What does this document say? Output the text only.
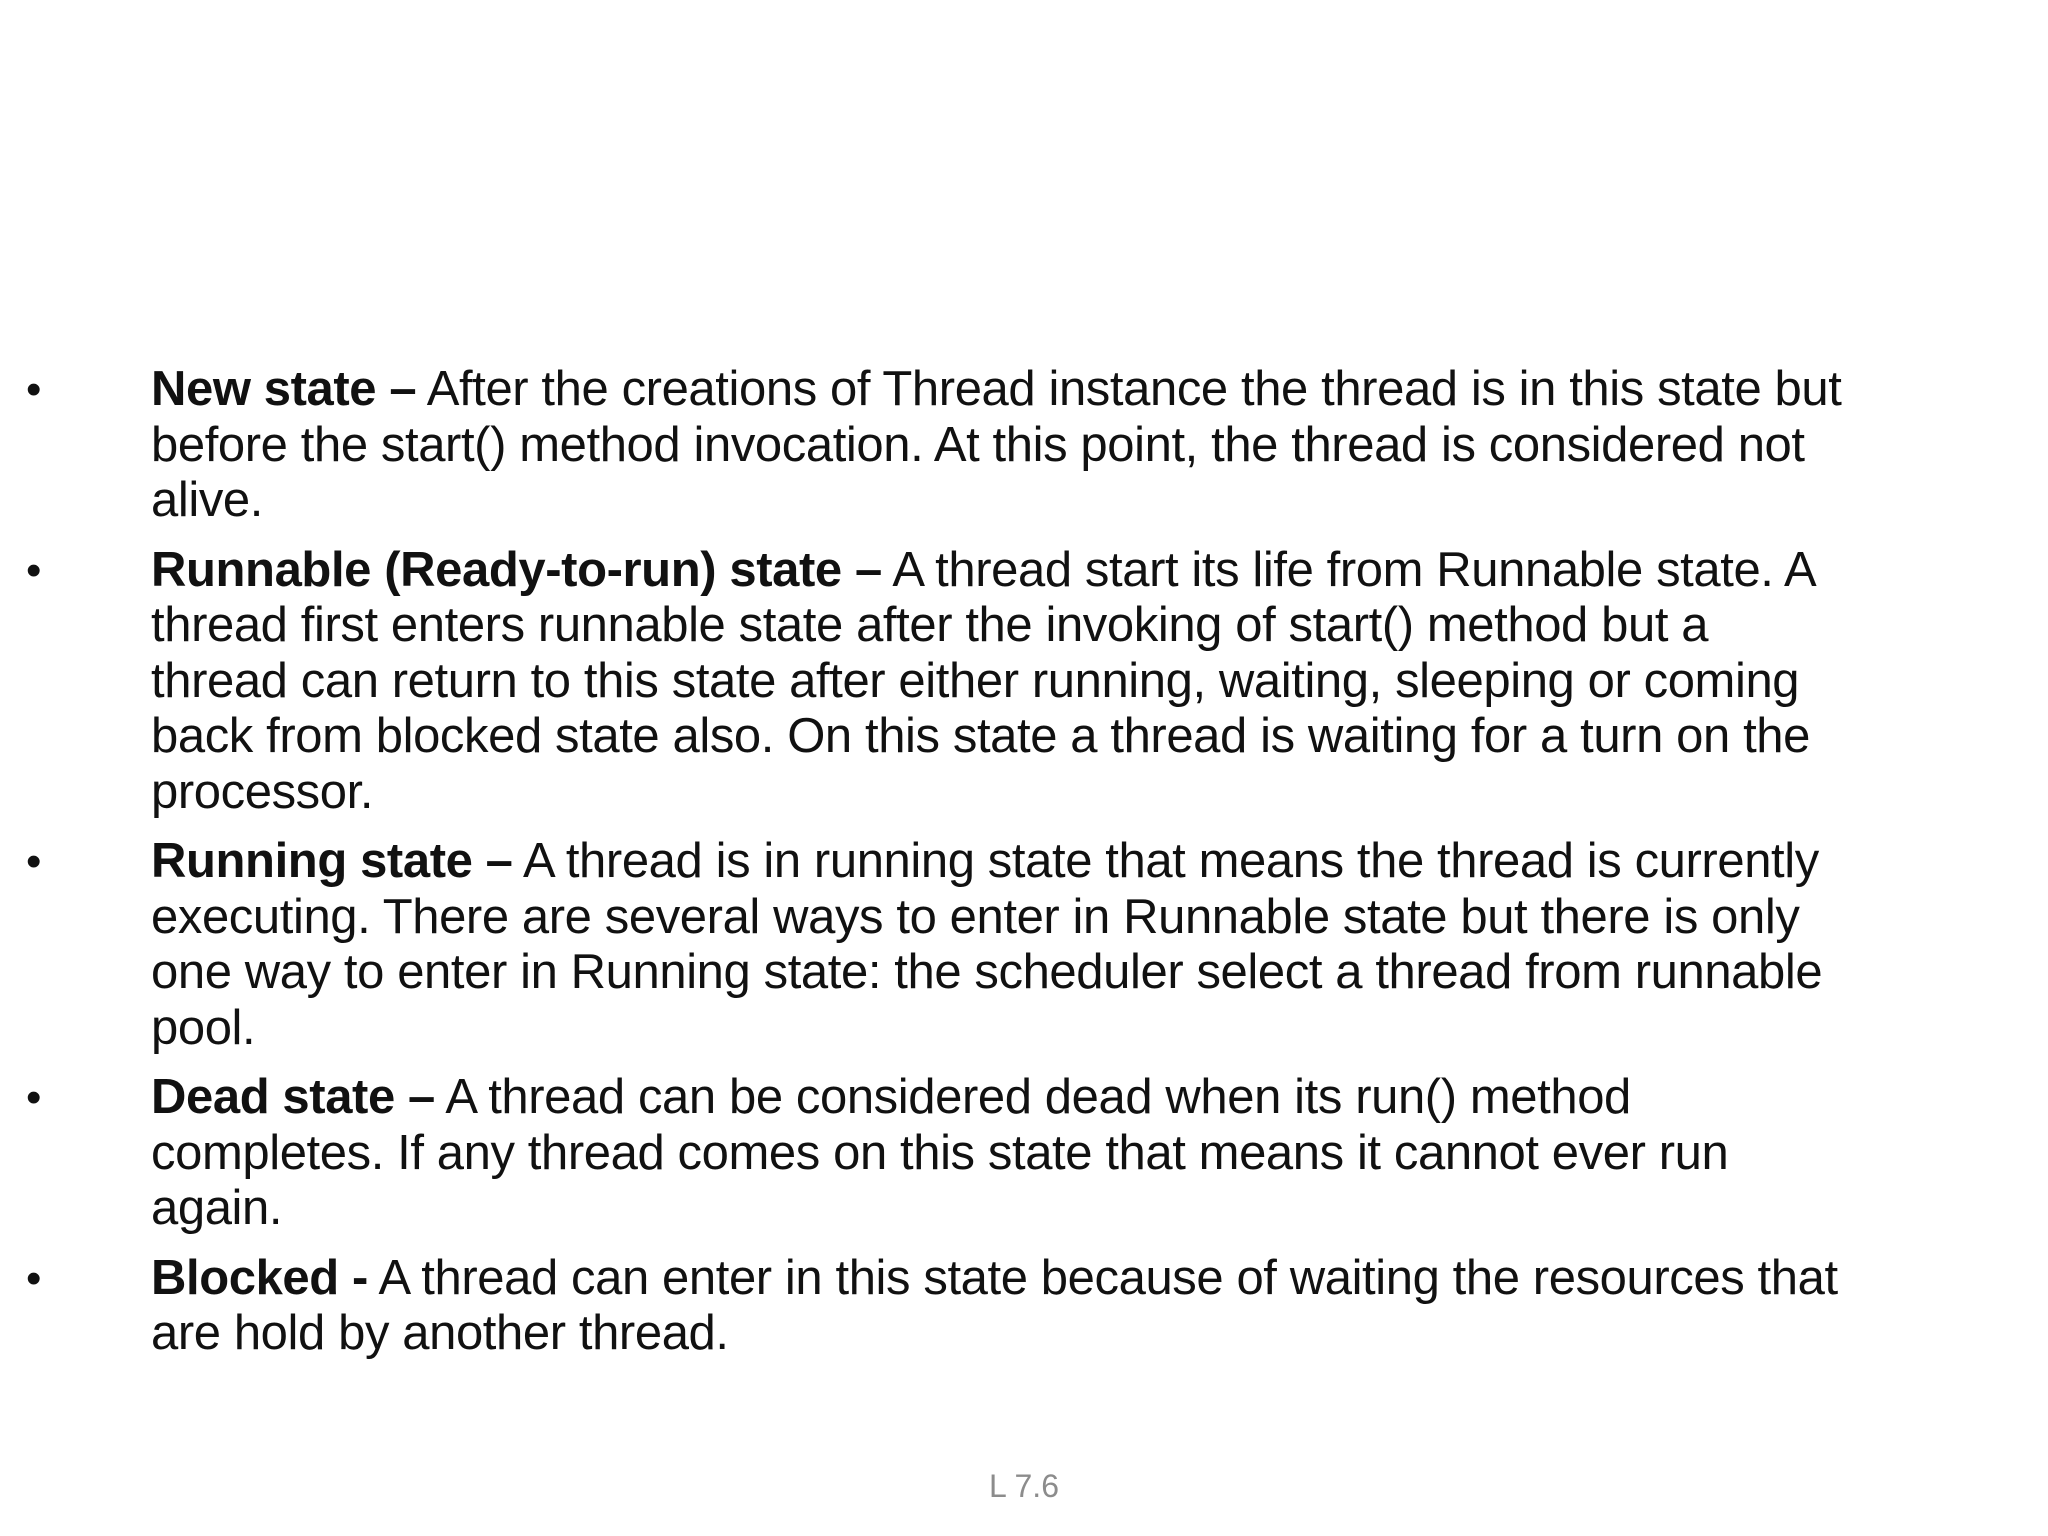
• New state – After the creations of Thread instance the thread is in this state but before the start() method invocation. At this point, the thread is considered not alive.
• Runnable (Ready-to-run) state – A thread start its life from Runnable state. A thread first enters runnable state after the invoking of start() method but a thread can return to this state after either running, waiting, sleeping or coming back from blocked state also. On this state a thread is waiting for a turn on the processor.
• Running state – A thread is in running state that means the thread is currently executing. There are several ways to enter in Runnable state but there is only one way to enter in Running state: the scheduler select a thread from runnable pool.
• Dead state – A thread can be considered dead when its run() method completes. If any thread comes on this state that means it cannot ever run again.
• Blocked - A thread can enter in this state because of waiting the resources that are hold by another thread.
L 7.6
